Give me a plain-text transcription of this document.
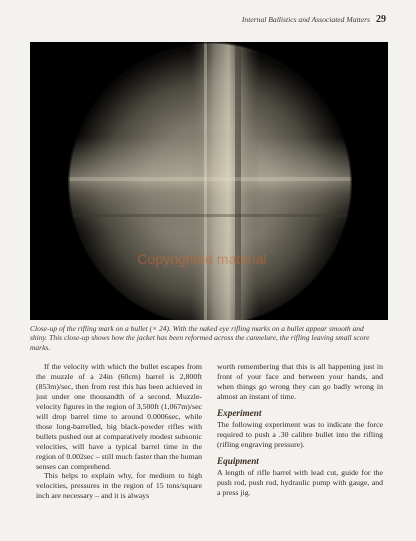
Internal Ballistics and Associated Matters 29
Copyrighted material

Close-up of the rifling mark on a bullet (× 24). With the naked eye rifling marks on a bullet appear smooth and shiny. This close-up shows how the jacket has been reformed across the cannelure, the rifling leaving small score marks.

If the velocity with which the bullet escapes from the muzzle of a 24in (60cm) barrel is 2,800ft (853m)/sec, then from rest this has been achieved in just under one thousandth of a second. Muzzle-velocity figures in the region of 3,500ft (1,067m)/sec will drop barrel time to around 0.0006sec, while those long-barrelled, big black-powder rifles with bullets pushed out at comparatively modest subsonic velocities, will have a typical barrel time in the region of 0.002sec – still much faster than the human senses can comprehend.

This helps to explain why, for medium to high velocities, pressures in the region of 15 tons/square inch are necessary – and it is always

worth remembering that this is all happening just in front of your face and between your hands, and when things go wrong they can go badly wrong in almost an instant of time.

Experiment

The following experiment was to indicate the force required to push a .30 calibre bullet into the rifling (rifling engraving pressure).

Equipment

A length of rifle barrel with lead cut, guide for the push rod, push rod, hydraulic pump with gauge, and a press jig.
